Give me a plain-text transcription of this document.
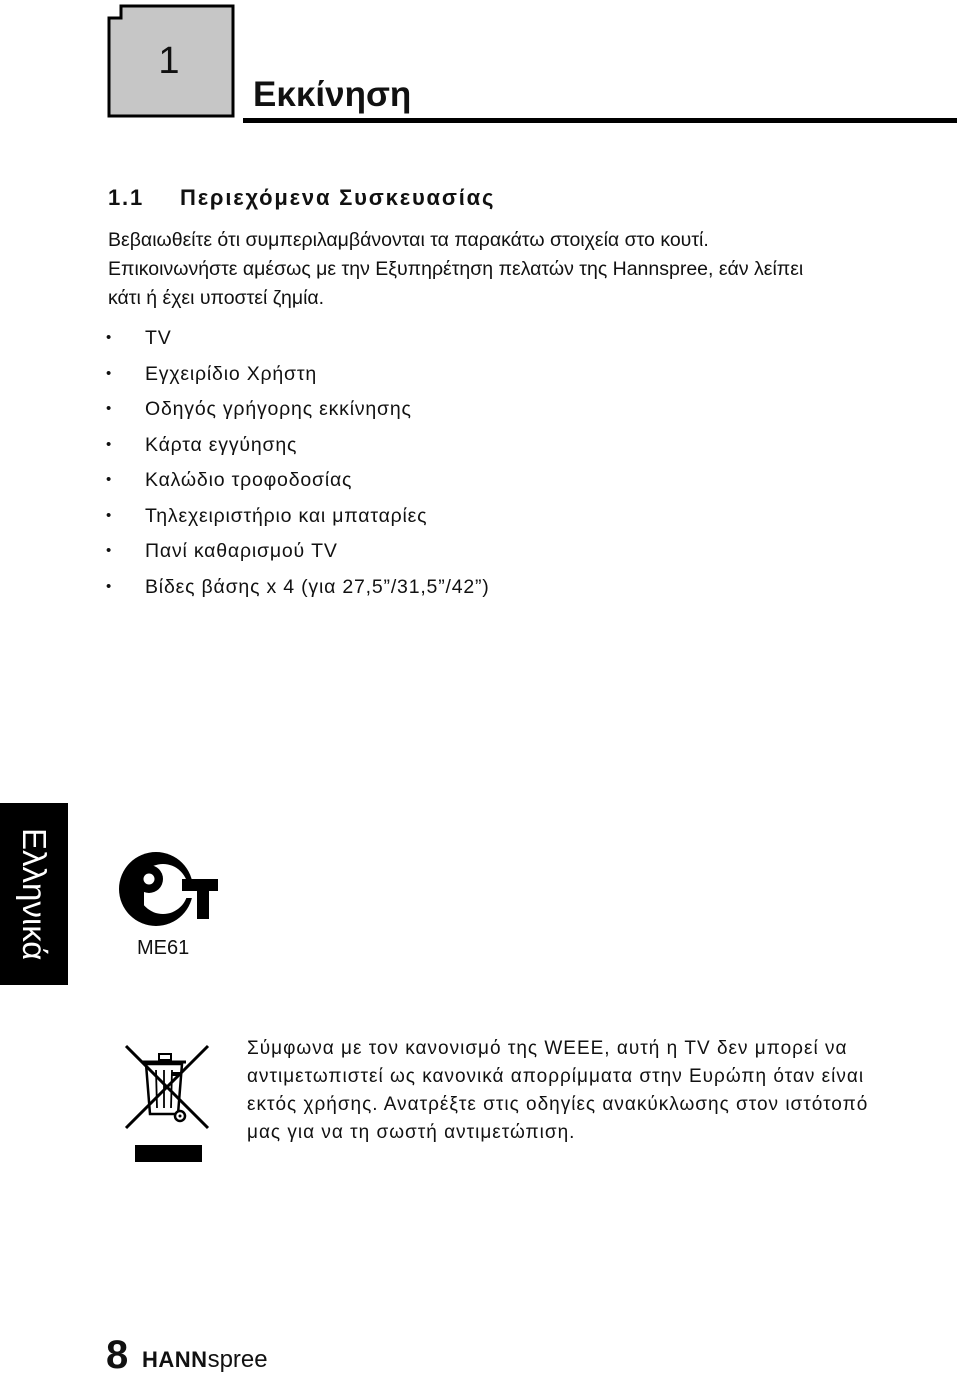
1
Εκκίνηση
1.1 Περιεχόμενα Συσκευασίας
Βεβαιωθείτε ότι συμπεριλαμβάνονται τα παρακάτω στοιχεία στο κουτί.
Επικοινωνήστε αμέσως με την Εξυπηρέτηση πελατών της Hannspree, εάν λείπει
κάτι ή έχει υποστεί ζημία.
• TV
• Εγχειρίδιο Χρήστη
• Οδηγός γρήγορης εκκίνησης
• Κάρτα εγγύησης
• Καλώδιο τροφοδοσίας
• Τηλεχειριστήριο και μπαταρίες
• Πανί καθαρισμού TV
• Βίδες βάσης x 4 (για 27,5”/31,5”/42”)
Ελληνικά	ME61
Σύμφωνα με τον κανονισμό της WEEE, αυτή η TV δεν μπορεί να
αντιμετωπιστεί ως κανονικά απορρίμματα στην Ευρώπη όταν είναι
εκτός χρήσης. Ανατρέξτε στις οδηγίες ανακύκλωσης στον ιστότοπό
μας για να τη σωστή αντιμετώπιση.
8 HANNspree
